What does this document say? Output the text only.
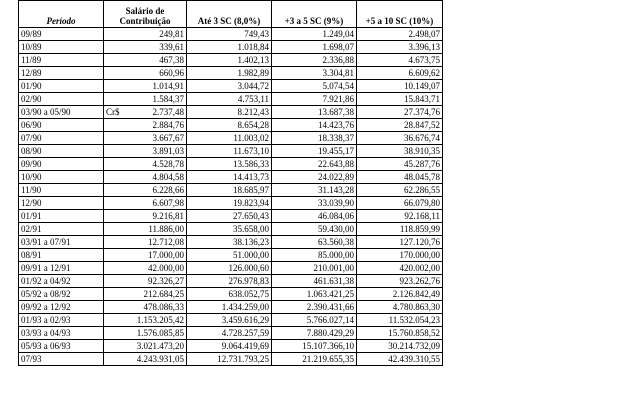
Período	Salário de Contribuição	Até 3 SC (8,0%)	+3 a 5 SC (9%)	+5 a 10 SC (10%)
09/89	249,81	749,43	1.249,04	2.498,07
10/89	339,61	1.018,84	1.698,07	3.396,13
11/89	467,38	1.402,13	2.336,88	4.673,75
12/89	660,96	1.982,89	3.304,81	6.609,62
01/90	1.014,91	3.044,72	5.074,54	10.149,07
02/90	1.584,37	4.753,11	7.921,86	15.843,71
03/90 a 05/90	Cr$ 2.737,48	8.212,43	13.687,38	27.374,76
06/90	2.884,76	8.654,28	14.423,76	28.847,52
07/90	3.667,67	11.003,02	18.338,37	36.676,74
08/90	3.891,03	11.673,10	19.455,17	38.910,35
09/90	4.528,78	13.586,33	22.643,88	45.287,76
10/90	4.804,58	14.413,73	24.022,89	48.045,78
11/90	6.228,66	18.685,97	31.143,28	62.286,55
12/90	6.607,98	19.823,94	33.039,90	66.079,80
01/91	9.216,81	27.650,43	46.084,06	92.168,11
02/91	11.886,00	35.658,00	59.430,00	118.859,99
03/91 a 07/91	12.712,08	38.136,23	63.560,38	127.120,76
08/91	17.000,00	51.000,00	85.000,00	170.000,00
09/91 a 12/91	42.000,00	126.000,60	210.001,00	420.002,00
01/92 a 04/92	92.326,27	276.978,83	461.631,38	923.262,76
05/92 a 08/92	212.684,25	638.052,75	1.063.421,25	2.126.842,49
09/92 a 12/92	478.086,33	1.434.259,00	2.390.431,66	4.780.863,30
01/93 a 02/93	1.153.205,42	3.459.616,29	5.766.027,14	11.532.054,23
03/93 a 04/93	1.576.085,85	4.728.257,59	7.880.429,29	15.760.858,52
05/93 a 06/93	3.021.473,20	9.064.419,69	15.107.366,10	30.214.732,09
07/93	4.243.931,05	12.731.793,25	21.219.655,35	42.439.310,55
